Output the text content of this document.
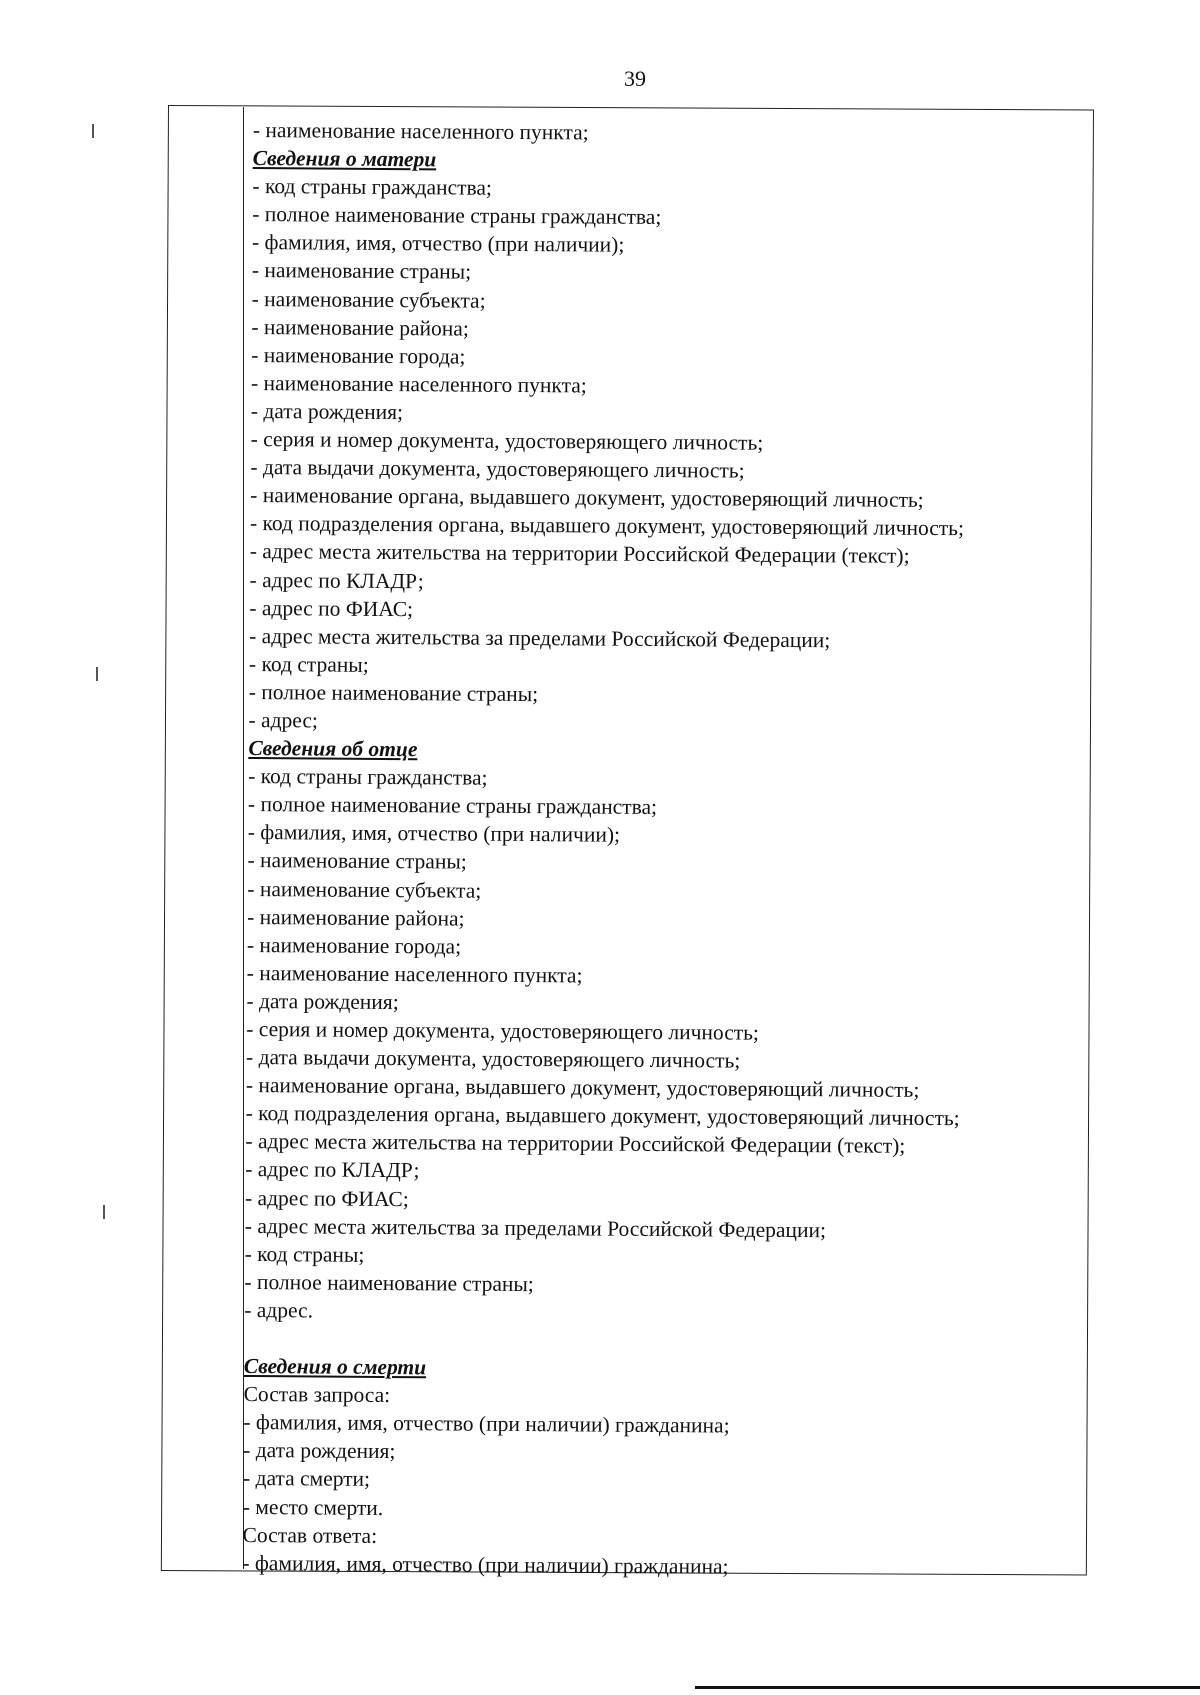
39
- наименование населенного пункта;
Сведения о матери
- код страны гражданства;
- полное наименование страны гражданства;
- фамилия, имя, отчество (при наличии);
- наименование страны;
- наименование субъекта;
- наименование района;
- наименование города;
- наименование населенного пункта;
- дата рождения;
- серия и номер документа, удостоверяющего личность;
- дата выдачи документа, удостоверяющего личность;
- наименование органа, выдавшего документ, удостоверяющий личность;
- код подразделения органа, выдавшего документ, удостоверяющий личность;
- адрес места жительства на территории Российской Федерации (текст);
- адрес по КЛАДР;
- адрес по ФИАС;
- адрес места жительства за пределами Российской Федерации;
- код страны;
- полное наименование страны;
- адрес;
Сведения об отце
- код страны гражданства;
- полное наименование страны гражданства;
- фамилия, имя, отчество (при наличии);
- наименование страны;
- наименование субъекта;
- наименование района;
- наименование города;
- наименование населенного пункта;
- дата рождения;
- серия и номер документа, удостоверяющего личность;
- дата выдачи документа, удостоверяющего личность;
- наименование органа, выдавшего документ, удостоверяющий личность;
- код подразделения органа, выдавшего документ, удостоверяющий личность;
- адрес места жительства на территории Российской Федерации (текст);
- адрес по КЛАДР;
- адрес по ФИАС;
- адрес места жительства за пределами Российской Федерации;
- код страны;
- полное наименование страны;
- адрес.
Сведения о смерти
Состав запроса:
- фамилия, имя, отчество (при наличии) гражданина;
- дата рождения;
- дата смерти;
- место смерти.
Состав ответа:
- фамилия, имя, отчество (при наличии) гражданина;
